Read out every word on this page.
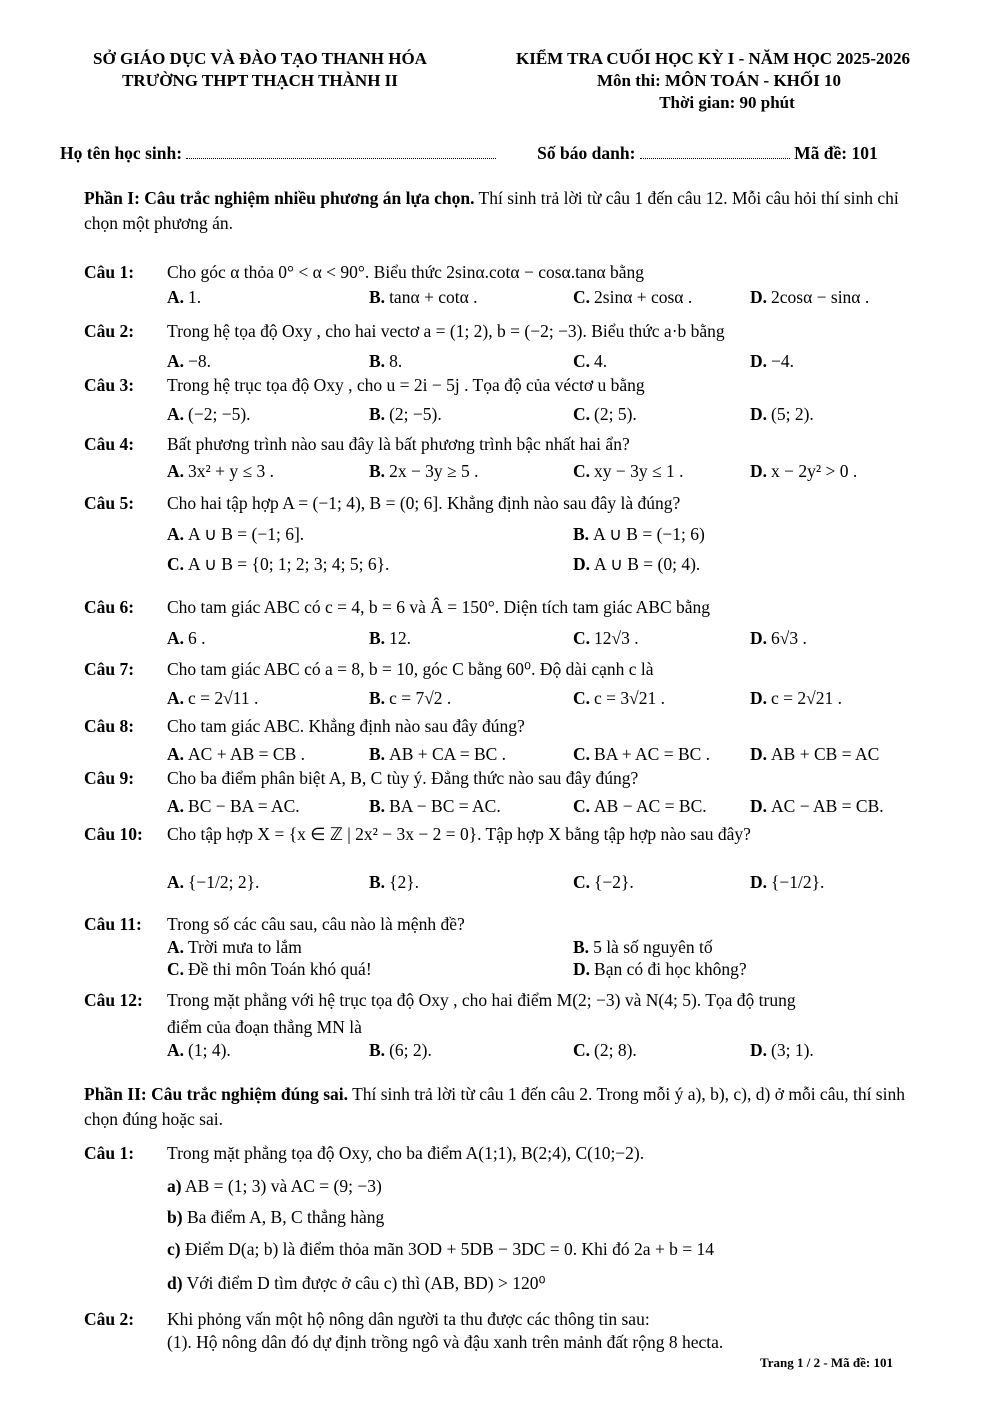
SỞ GIÁO DỤC VÀ ĐÀO TẠO THANH HÓA
TRƯỜNG THPT THẠCH THÀNH II
KIỂM TRA CUỐI HỌC KỲ I - NĂM HỌC 2025-2026
Môn thi: MÔN TOÁN - KHỐI 10
Thời gian: 90 phút
Họ tên học sinh:	Số báo danh:	Mã đề: 101
Phần I: Câu trắc nghiệm nhiều phương án lựa chọn. Thí sinh trả lời từ câu 1 đến câu 12. Mỗi câu hỏi thí sinh chỉ chọn một phương án.
Câu 1: Cho góc α thỏa 0° < α < 90°. Biểu thức 2sinα.cotα − cosα.tanα bằng
A. 1.	B. tanα + cotα .	C. 2sinα + cosα .	D. 2cosα − sinα .
Câu 2: Trong hệ tọa độ Oxy , cho hai vectơ a = (1; 2), b = (−2; −3). Biểu thức a·b bằng
A. −8.	B. 8.	C. 4.	D. −4.
Câu 3: Trong hệ trục tọa độ Oxy , cho u = 2i − 5j . Tọa độ của véctơ u bằng
A. (−2; −5).	B. (2; −5).	C. (2; 5).	D. (5; 2).
Câu 4: Bất phương trình nào sau đây là bất phương trình bậc nhất hai ẩn?
A. 3x² + y ≤ 3 .	B. 2x − 3y ≥ 5 .	C. xy − 3y ≤ 1 .	D. x − 2y² > 0 .
Câu 5: Cho hai tập hợp A = (−1; 4), B = (0; 6]. Khẳng định nào sau đây là đúng?
A. A ∪ B = (−1; 6].	B. A ∪ B = (−1; 6)
C. A ∪ B = {0; 1; 2; 3; 4; 5; 6}.	D. A ∪ B = (0; 4).
Câu 6: Cho tam giác ABC có c = 4, b = 6 và Â = 150°. Diện tích tam giác ABC bằng
A. 6 .	B. 12.	C. 12√3 .	D. 6√3 .
Câu 7: Cho tam giác ABC có a = 8, b = 10, góc C bằng 60⁰. Độ dài cạnh c là
A. c = 2√11 .	B. c = 7√2 .	C. c = 3√21 .	D. c = 2√21 .
Câu 8: Cho tam giác ABC. Khẳng định nào sau đây đúng?
A. AC + AB = CB .	B. AB + CA = BC .	C. BA + AC = BC . D. AB + CB = AC
Câu 9: Cho ba điểm phân biệt A, B, C tùy ý. Đẳng thức nào sau đây đúng?
A. BC − BA = AC.	B. BA − BC = AC.	C. AB − AC = BC. D. AC − AB = CB.
Câu 10: Cho tập hợp X = {x ∈ ℤ | 2x² − 3x − 2 = 0}. Tập hợp X bằng tập hợp nào sau đây?
A. {−1/2; 2}.	B. {2}.	C. {−2}.	D. {−1/2}.
Câu 11: Trong số các câu sau, câu nào là mệnh đề?
A. Trời mưa to lắm	B. 5 là số nguyên tố
C. Đề thi môn Toán khó quá!	D. Bạn có đi học không?
Câu 12: Trong mặt phẳng với hệ trục tọa độ Oxy , cho hai điểm M(2; −3) và N(4; 5). Tọa độ trung
điểm của đoạn thẳng MN là
A. (1; 4).	B. (6; 2).	C. (2; 8).	D. (3; 1).
Phần II: Câu trắc nghiệm đúng sai. Thí sinh trả lời từ câu 1 đến câu 2. Trong mỗi ý a), b), c), d) ở mỗi câu, thí sinh chọn đúng hoặc sai.
Câu 1: Trong mặt phẳng tọa độ Oxy, cho ba điểm A(1;1), B(2;4), C(10;−2).
a) AB = (1; 3) và AC = (9; −3)
b) Ba điểm A, B, C thẳng hàng
c) Điểm D(a; b) là điểm thỏa mãn 3OD + 5DB − 3DC = 0. Khi đó 2a + b = 14
d) Với điểm D tìm được ở câu c) thì (AB, BD) > 120⁰
Câu 2: Khi phỏng vấn một hộ nông dân người ta thu được các thông tin sau:
(1). Hộ nông dân đó dự định trồng ngô và đậu xanh trên mảnh đất rộng 8 hecta.
Trang 1 / 2 - Mã đề: 101
